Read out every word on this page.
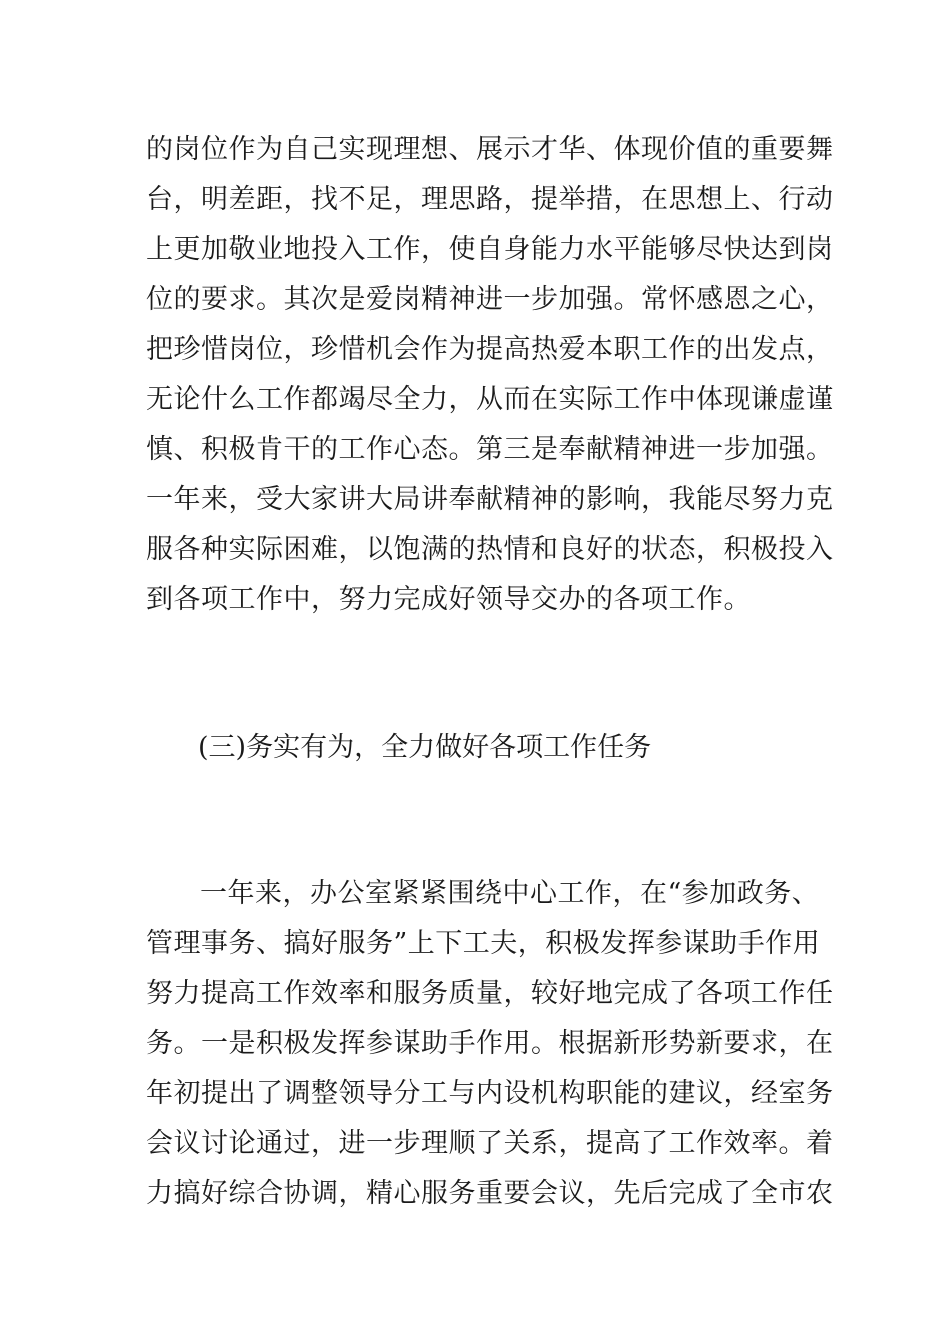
的岗位作为自己实现理想、展示才华、体现价值的重要舞
台，明差距，找不足，理思路，提举措，在思想上、行动
上更加敬业地投入工作，使自身能力水平能够尽快达到岗
位的要求。其次是爱岗精神进一步加强。常怀感恩之心，
把珍惜岗位，珍惜机会作为提高热爱本职工作的出发点，
无论什么工作都竭尽全力，从而在实际工作中体现谦虚谨
慎、积极肯干的工作心态。第三是奉献精神进一步加强。
一年来，受大家讲大局讲奉献精神的影响，我能尽努力克
服各种实际困难，以饱满的热情和良好的状态，积极投入
到各项工作中，努力完成好领导交办的各项工作。
(三)务实有为，全力做好各项工作任务
一年来，办公室紧紧围绕中心工作，在“参加政务、
管理事务、搞好服务”上下工夫，积极发挥参谋助手作用
努力提高工作效率和服务质量，较好地完成了各项工作任
务。一是积极发挥参谋助手作用。根据新形势新要求，在
年初提出了调整领导分工与内设机构职能的建议，经室务
会议讨论通过，进一步理顺了关系，提高了工作效率。着
力搞好综合协调，精心服务重要会议，先后完成了全市农
